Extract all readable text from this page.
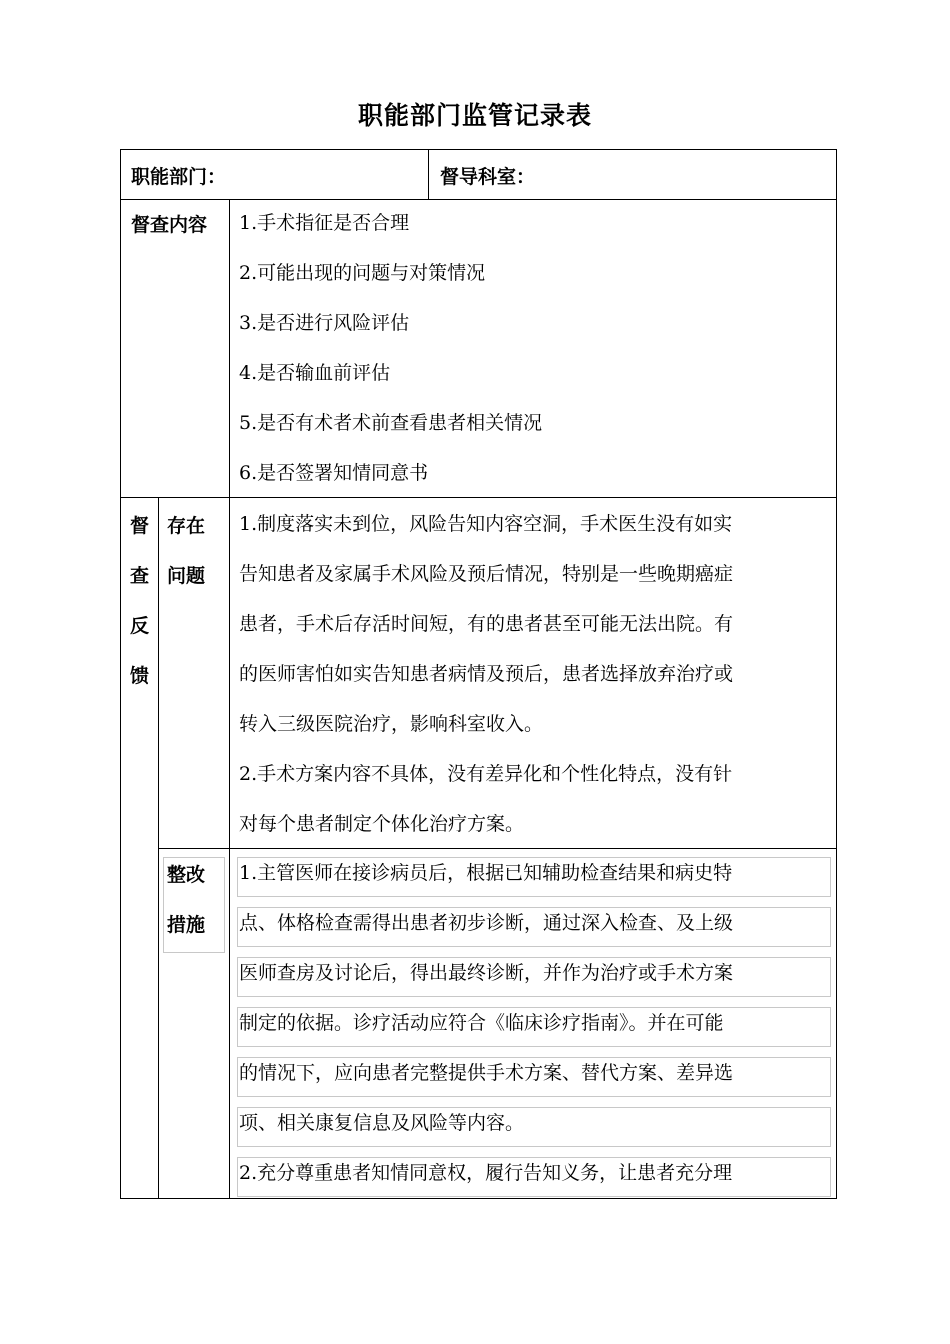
职能部门监管记录表
职能部门：	督导科室：
督查内容 1.手术指征是否合理
2.可能出现的问题与对策情况
3.是否进行风险评估
4.是否输血前评估
5.是否有术者术前查看患者相关情况
6.是否签署知情同意书
督
查
反
馈
存在
问题
1.制度落实未到位，风险告知内容空洞，手术医生没有如实
告知患者及家属手术风险及预后情况，特别是一些晚期癌症
患者，手术后存活时间短，有的患者甚至可能无法出院。有
的医师害怕如实告知患者病情及预后，患者选择放弃治疗或
转入三级医院治疗，影响科室收入。
2.手术方案内容不具体，没有差异化和个性化特点，没有针
对每个患者制定个体化治疗方案。
整改
措施
1.主管医师在接诊病员后，根据已知辅助检查结果和病史特
点、体格检查需得出患者初步诊断，通过深入检查、及上级
医师查房及讨论后，得出最终诊断，并作为治疗或手术方案
制定的依据。诊疗活动应符合《临床诊疗指南》。并在可能
的情况下，应向患者完整提供手术方案、替代方案、差异选
项、相关康复信息及风险等内容。
2.充分尊重患者知情同意权，履行告知义务，让患者充分理
